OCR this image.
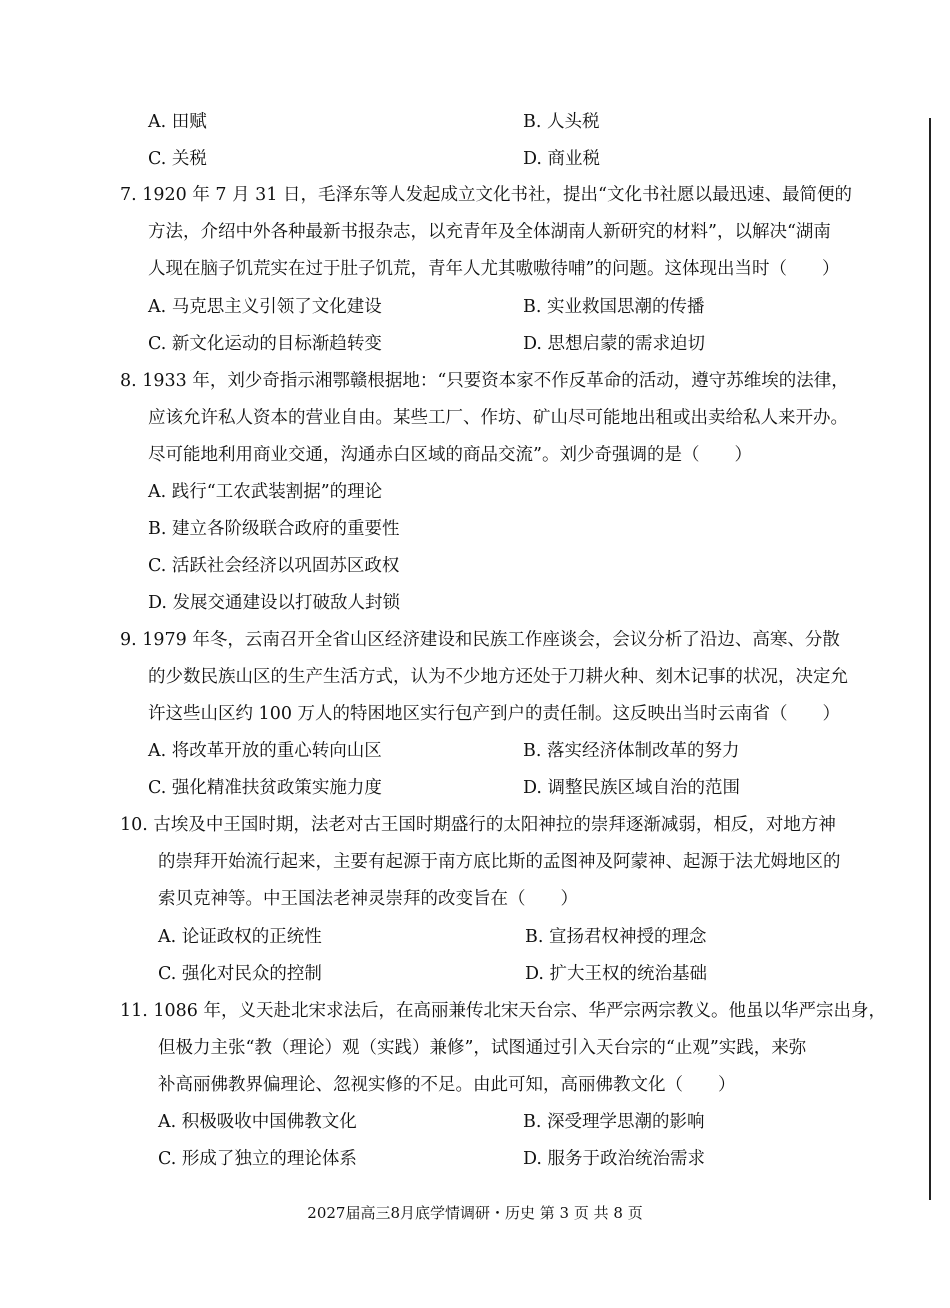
A. 田赋	B. 人头税
C. 关税	D. 商业税
7. 1920 年 7 月 31 日，毛泽东等人发起成立文化书社，提出“文化书社愿以最迅速、最简便的
方法，介绍中外各种最新书报杂志，以充青年及全体湖南人新研究的材料”，以解决“湖南
人现在脑子饥荒实在过于肚子饥荒，青年人尤其嗷嗷待哺”的问题。这体现出当时（　　）
A. 马克思主义引领了文化建设	B. 实业救国思潮的传播
C. 新文化运动的目标渐趋转变	D. 思想启蒙的需求迫切
8. 1933 年，刘少奇指示湘鄂赣根据地：“只要资本家不作反革命的活动，遵守苏维埃的法律，
应该允许私人资本的营业自由。某些工厂、作坊、矿山尽可能地出租或出卖给私人来开办。
尽可能地利用商业交通，沟通赤白区域的商品交流”。刘少奇强调的是（　　）
A. 践行“工农武装割据”的理论
B. 建立各阶级联合政府的重要性
C. 活跃社会经济以巩固苏区政权
D. 发展交通建设以打破敌人封锁
9. 1979 年冬，云南召开全省山区经济建设和民族工作座谈会，会议分析了沿边、高寒、分散
的少数民族山区的生产生活方式，认为不少地方还处于刀耕火种、刻木记事的状况，决定允
许这些山区约 100 万人的特困地区实行包产到户的责任制。这反映出当时云南省（　　）
A. 将改革开放的重心转向山区	B. 落实经济体制改革的努力
C. 强化精准扶贫政策实施力度	D. 调整民族区域自治的范围
10. 古埃及中王国时期，法老对古王国时期盛行的太阳神拉的崇拜逐渐减弱，相反，对地方神
的崇拜开始流行起来，主要有起源于南方底比斯的孟图神及阿蒙神、起源于法尤姆地区的
索贝克神等。中王国法老神灵崇拜的改变旨在（　　）
A. 论证政权的正统性	B. 宣扬君权神授的理念
C. 强化对民众的控制	D. 扩大王权的统治基础
11. 1086 年，义天赴北宋求法后，在高丽兼传北宋天台宗、华严宗两宗教义。他虽以华严宗出身，
但极力主张“教（理论）观（实践）兼修”，试图通过引入天台宗的“止观”实践，来弥
补高丽佛教界偏理论、忽视实修的不足。由此可知，高丽佛教文化（　　）
A. 积极吸收中国佛教文化	B. 深受理学思潮的影响
C. 形成了独立的理论体系	D. 服务于政治统治需求
2027届高三8月底学情调研・历史 第 3 页 共 8 页
